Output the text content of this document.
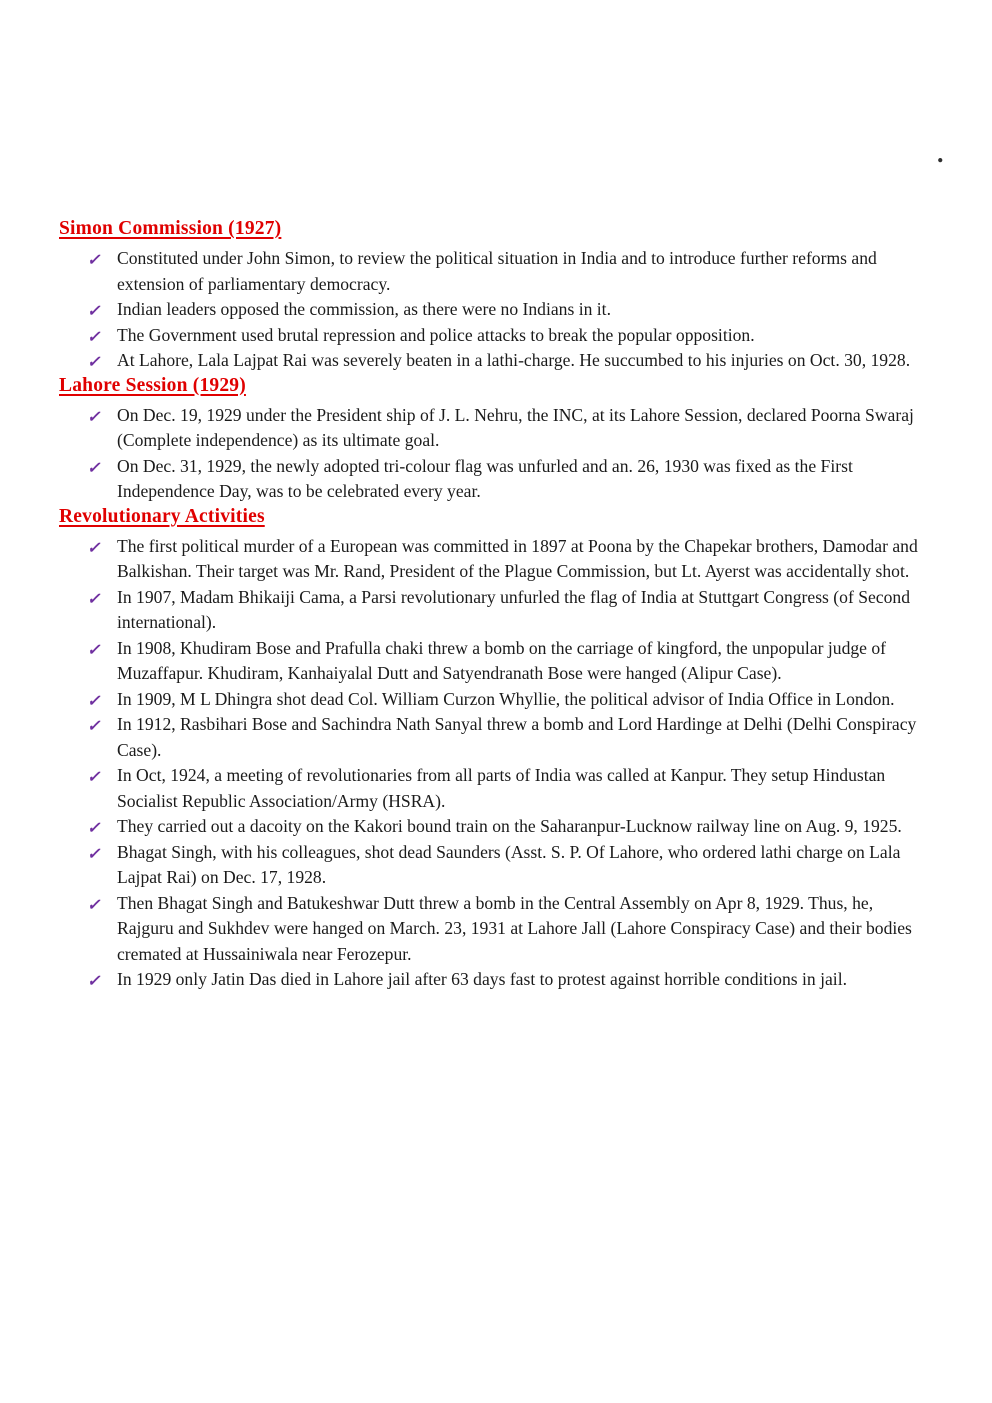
.
Simon Commission (1927)
✓ Constituted under John Simon, to review the political situation in India and to introduce further reforms and extension of parliamentary democracy.
✓ Indian leaders opposed the commission, as there were no Indians in it.
✓ The Government used brutal repression and police attacks to break the popular opposition.
✓ At Lahore, Lala Lajpat Rai was severely beaten in a lathi-charge. He succumbed to his injuries on Oct. 30, 1928.
Lahore Session (1929)
✓ On Dec. 19, 1929 under the President ship of J. L. Nehru, the INC, at its Lahore Session, declared Poorna Swaraj (Complete independence) as its ultimate goal.
✓ On Dec. 31, 1929, the newly adopted tri-colour flag was unfurled and an. 26, 1930 was fixed as the First Independence Day, was to be celebrated every year.
Revolutionary Activities
✓ The first political murder of a European was committed in 1897 at Poona by the Chapekar brothers, Damodar and Balkishan. Their target was Mr. Rand, President of the Plague Commission, but Lt. Ayerst was accidentally shot.
✓ In 1907, Madam Bhikaiji Cama, a Parsi revolutionary unfurled the flag of India at Stuttgart Congress (of Second international).
✓ In 1908, Khudiram Bose and Prafulla chaki threw a bomb on the carriage of kingford, the unpopular judge of Muzaffapur. Khudiram, Kanhaiyalal Dutt and Satyendranath Bose were hanged (Alipur Case).
✓ In 1909, M L Dhingra shot dead Col. William Curzon Whyllie, the political advisor of India Office in London.
✓ In 1912, Rasbihari Bose and Sachindra Nath Sanyal threw a bomb and Lord Hardinge at Delhi (Delhi Conspiracy Case).
✓ In Oct, 1924, a meeting of revolutionaries from all parts of India was called at Kanpur. They setup Hindustan Socialist Republic Association/Army (HSRA).
✓ They carried out a dacoity on the Kakori bound train on the Saharanpur-Lucknow railway line on Aug. 9, 1925.
✓ Bhagat Singh, with his colleagues, shot dead Saunders (Asst. S. P. Of Lahore, who ordered lathi charge on Lala Lajpat Rai) on Dec. 17, 1928.
✓ Then Bhagat Singh and Batukeshwar Dutt threw a bomb in the Central Assembly on Apr 8, 1929. Thus, he, Rajguru and Sukhdev were hanged on March. 23, 1931 at Lahore Jall (Lahore Conspiracy Case) and their bodies cremated at Hussainiwala near Ferozepur.
✓ In 1929 only Jatin Das died in Lahore jail after 63 days fast to protest against horrible conditions in jail.
